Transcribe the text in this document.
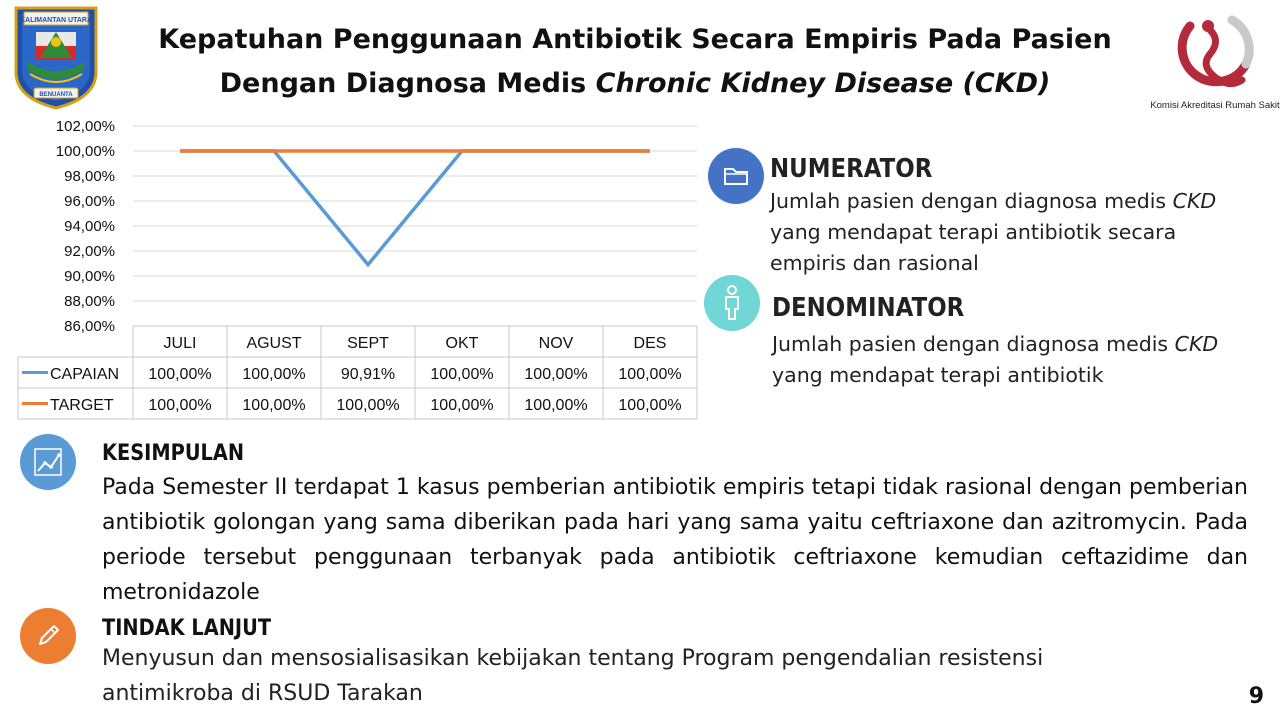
Kepatuhan Penggunaan Antibiotik Secara Empiris Pada Pasien
Dengan Diagnosa Medis Chronic Kidney Disease (CKD)
KALIMANTAN UTARA
BENUANTA
Komisi Akreditasi Rumah Sakit
102,00%
100,00%
98,00%
96,00%
94,00%
92,00%
90,00%
88,00%
86,00%
JULI	AGUST	SEPT	OKT	NOV	DES
CAPAIAN 100,00% 100,00% 90,91% 100,00% 100,00% 100,00%
TARGET 100,00% 100,00% 100,00% 100,00% 100,00% 100,00%
NUMERATOR
Jumlah pasien dengan diagnosa medis CKD yang mendapat terapi antibiotik secara empiris dan rasional
DENOMINATOR
Jumlah pasien dengan diagnosa medis CKD yang mendapat terapi antibiotik
KESIMPULAN
Pada Semester II terdapat 1 kasus pemberian antibiotik empiris tetapi tidak rasional dengan pemberian antibiotik golongan yang sama diberikan pada hari yang sama yaitu ceftriaxone dan azitromycin. Pada periode tersebut penggunaan terbanyak pada antibiotik ceftriaxone kemudian ceftazidime dan metronidazole
TINDAK LANJUT
Menyusun dan mensosialisasikan kebijakan tentang Program pengendalian resistensi antimikroba di RSUD Tarakan	9
